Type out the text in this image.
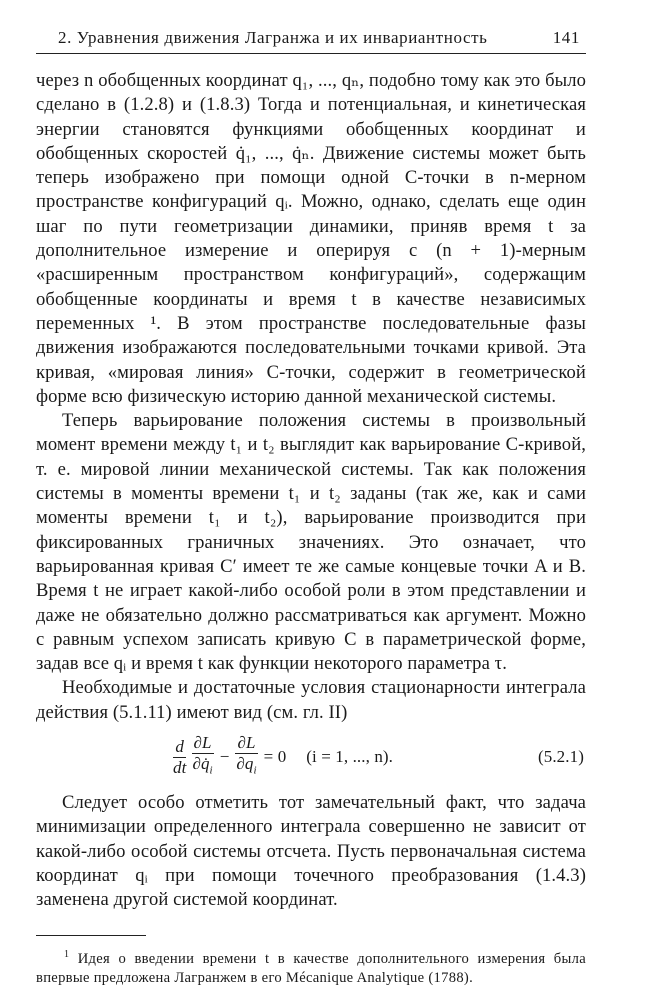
2. Уравнения движения Лагранжа и их инвариантность	141

через n обобщенных координат q₁, ..., qₙ, подобно тому как это было сделано в (1.2.8) и (1.8.3) Тогда и потенциальная, и кинетическая энергии становятся функциями обобщенных координат и обобщенных скоростей q̇₁, ..., q̇ₙ. Движение системы может быть теперь изображено при помощи одной C-точки в n-мерном пространстве конфигураций qᵢ. Можно, однако, сделать еще один шаг по пути геометризации динамики, приняв время t за дополнительное измерение и оперируя с (n + 1)-мерным «расширенным пространством конфигураций», содержащим обобщенные координаты и время t в качестве независимых переменных ¹. В этом пространстве последовательные фазы движения изображаются последовательными точками кривой. Эта кривая, «мировая линия» C-точки, содержит в геометрической форме всю физическую историю данной механической системы.

Теперь варьирование положения системы в произвольный момент времени между t₁ и t₂ выглядит как варьирование C-кривой, т. е. мировой линии механической системы. Так как положения системы в моменты времени t₁ и t₂ заданы (так же, как и сами моменты времени t₁ и t₂), варьирование производится при фиксированных граничных значениях. Это означает, что варьированная кривая C′ имеет те же самые концевые точки A и B. Время t не играет какой-либо особой роли в этом представлении и даже не обязательно должно рассматриваться как аргумент. Можно с равным успехом записать кривую C в параметрической форме, задав все qᵢ и время t как функции некоторого параметра τ.

Необходимые и достаточные условия стационарности интеграла действия (5.1.11) имеют вид (см. гл. II)

$\frac{d}{dt} \frac{\partial L}{\partial q̇_i} - \frac{\partial L}{\partial q_i} = 0$ (i = 1, ..., n).	(5.2.1)

Следует особо отметить тот замечательный факт, что задача минимизации определенного интеграла совершенно не зависит от какой-либо особой системы отсчета. Пусть первоначальная система координат qᵢ при помощи точечного преобразования (1.4.3) заменена другой системой координат.

$^1$ Идея о введении времени t в качестве дополнительного измерения была впервые предложена Лагранжем в его Mécanique Analytique (1788).
